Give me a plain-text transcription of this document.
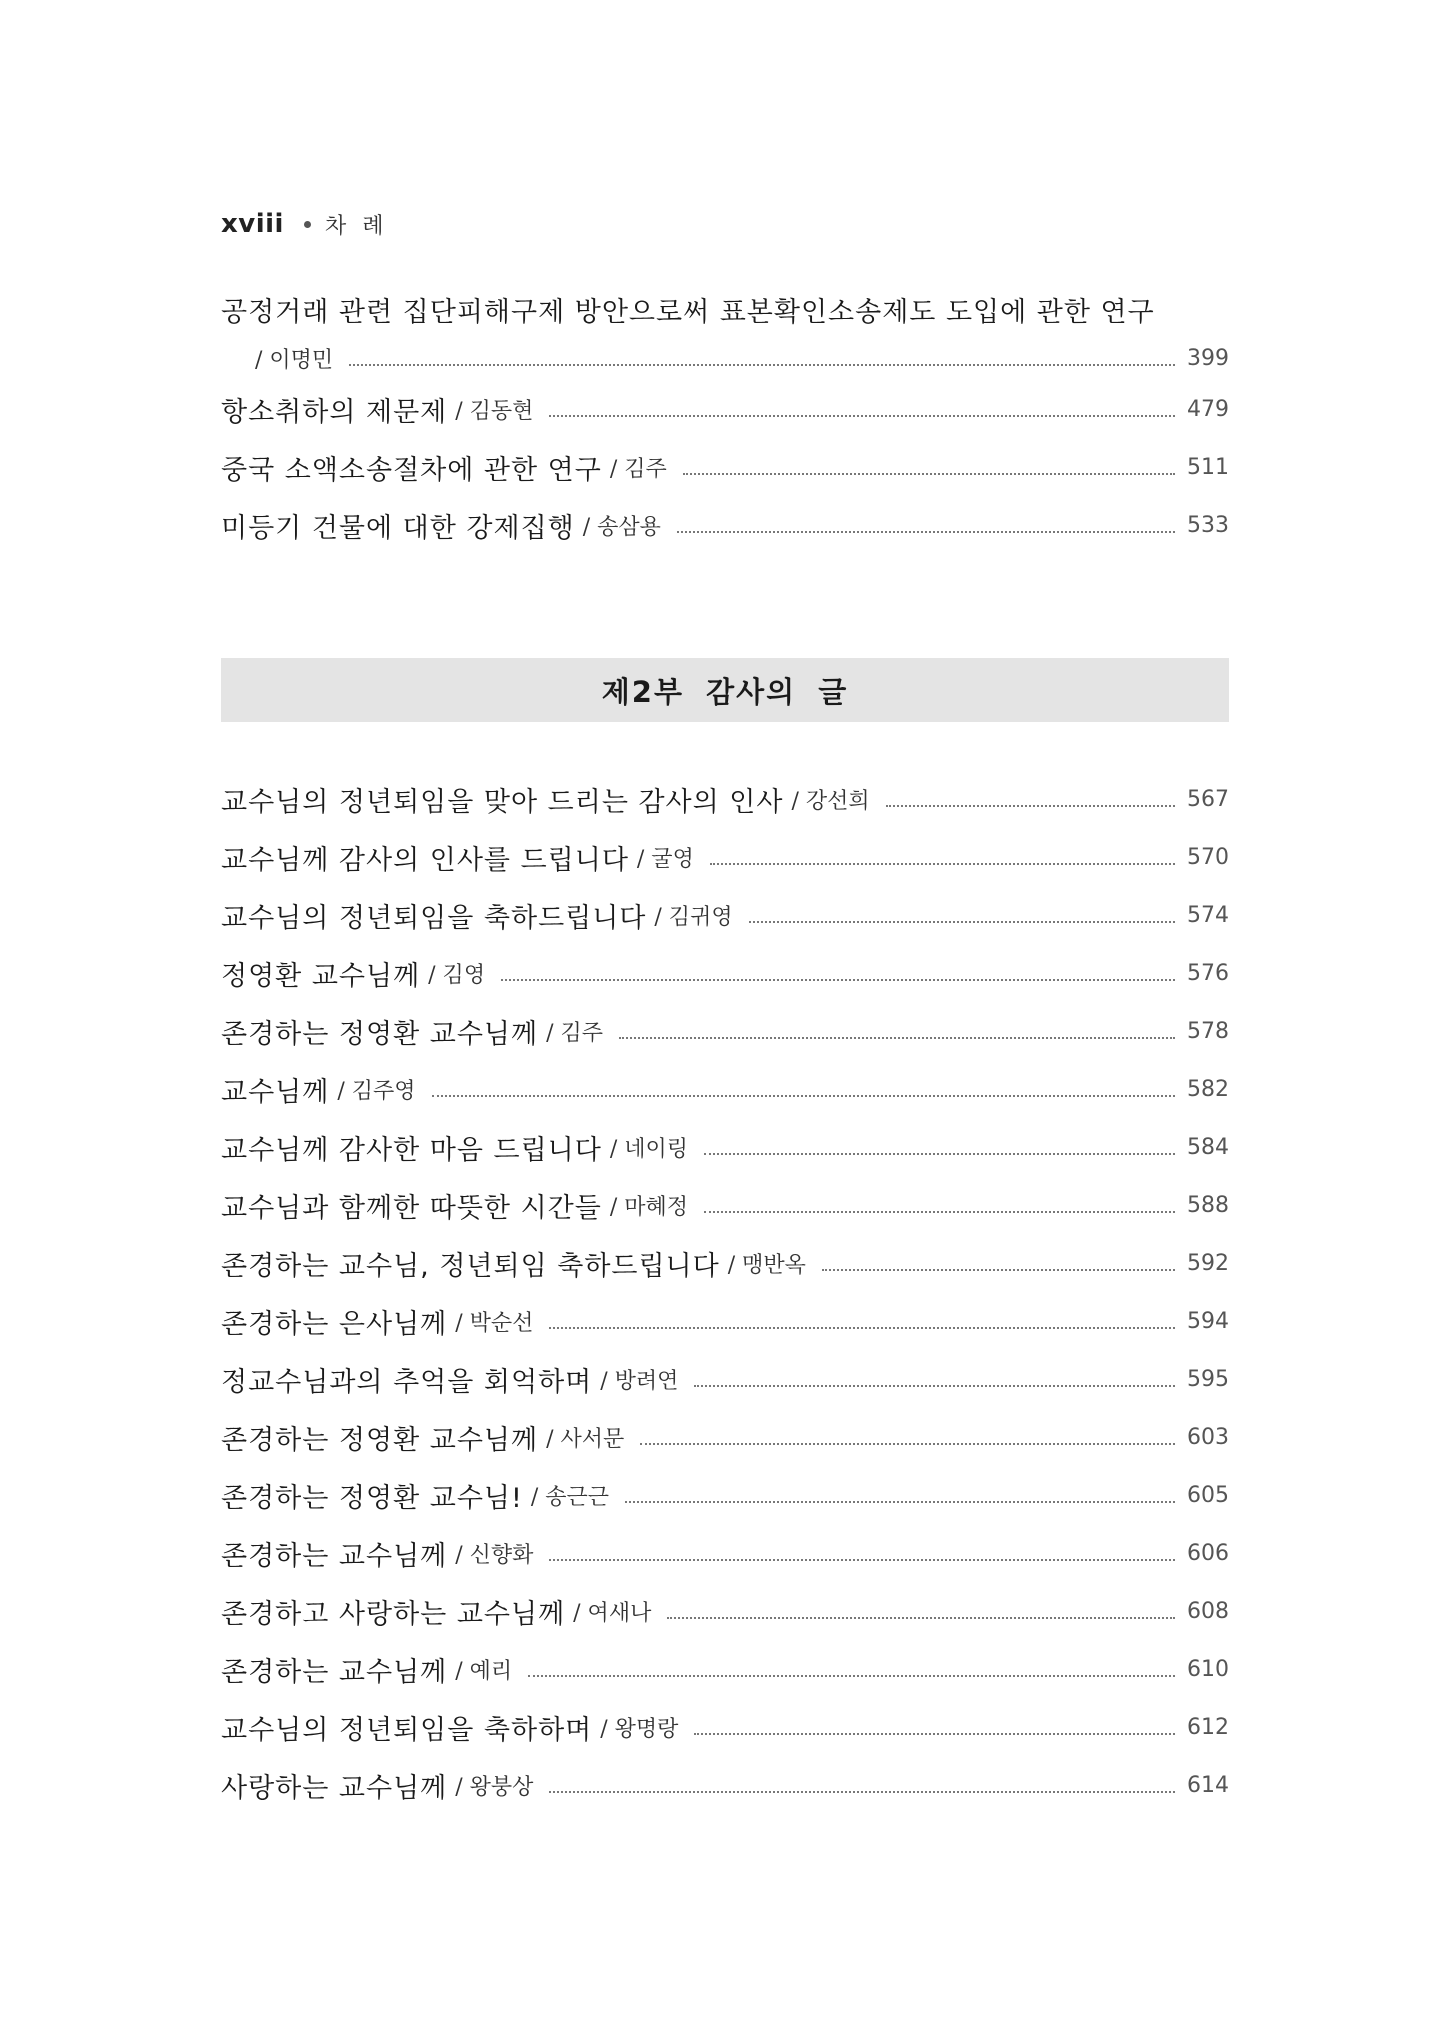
xviii 차례
공정거래 관련 집단피해구제 방안으로써 표본확인소송제도 도입에 관한 연구
/ 이명민	399
항소취하의 제문제 / 김동현	479
중국 소액소송절차에 관한 연구 / 김주	511
미등기 건물에 대한 강제집행 / 송삼용	533
제2부 감사의 글
교수님의 정년퇴임을 맞아 드리는 감사의 인사 / 강선희	567
교수님께 감사의 인사를 드립니다 / 굴영	570
교수님의 정년퇴임을 축하드립니다 / 김귀영	574
정영환 교수님께 / 김영	576
존경하는 정영환 교수님께 / 김주	578
교수님께 / 김주영	582
교수님께 감사한 마음 드립니다 / 네이링	584
교수님과 함께한 따뜻한 시간들 / 마혜정	588
존경하는 교수님, 정년퇴임 축하드립니다 / 맹반옥	592
존경하는 은사님께 / 박순선	594
정교수님과의 추억을 회억하며 / 방려연	595
존경하는 정영환 교수님께 / 사서문	603
존경하는 정영환 교수님! / 송근근	605
존경하는 교수님께 / 신향화	606
존경하고 사랑하는 교수님께 / 여새나	608
존경하는 교수님께 / 예리	610
교수님의 정년퇴임을 축하하며 / 왕명랑	612
사랑하는 교수님께 / 왕붕상	614
